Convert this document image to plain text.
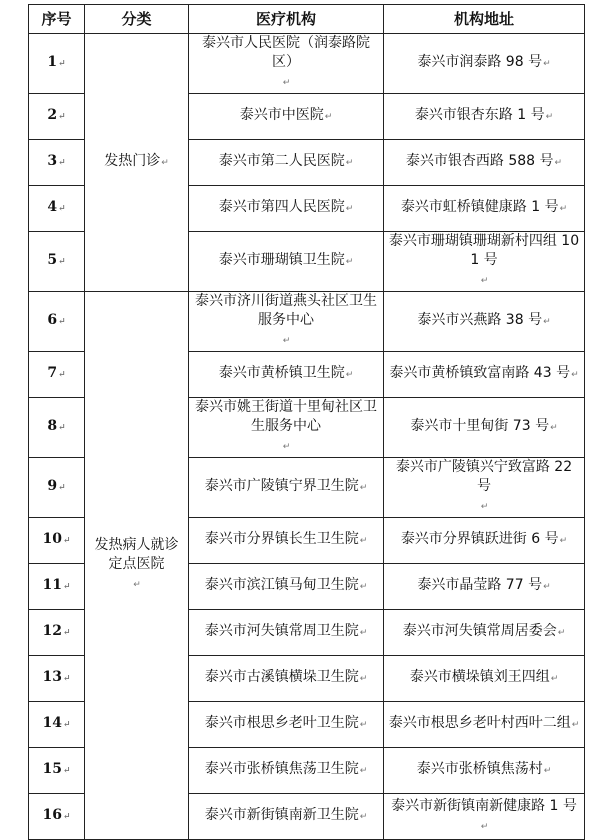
序号	分类	医疗机构	机构地址
1↵	发热门诊↵	泰兴市人民医院（润泰路院区）↵	泰兴市润泰路 98 号↵
2↵		泰兴市中医院↵	泰兴市银杏东路 1 号↵
3↵		泰兴市第二人民医院↵	泰兴市银杏西路 588 号↵
4↵		泰兴市第四人民医院↵	泰兴市虹桥镇健康路 1 号↵
5↵		泰兴市珊瑚镇卫生院↵	泰兴市珊瑚镇珊瑚新村四组 101 号↵
6↵	发热病人就诊定点医院↵	泰兴市济川街道燕头社区卫生服务中心↵	泰兴市兴燕路 38 号↵
7↵		泰兴市黄桥镇卫生院↵	泰兴市黄桥镇致富南路 43 号↵
8↵		泰兴市姚王街道十里甸社区卫生服务中心↵	泰兴市十里甸街 73 号↵
9↵		泰兴市广陵镇宁界卫生院↵	泰兴市广陵镇兴宁致富路 22 号↵
10↵		泰兴市分界镇长生卫生院↵	泰兴市分界镇跃进街 6 号↵
11↵		泰兴市滨江镇马甸卫生院↵	泰兴市晶莹路 77 号↵
12↵		泰兴市河失镇常周卫生院↵	泰兴市河失镇常周居委会↵
13↵		泰兴市古溪镇横垛卫生院↵	泰兴市横垛镇刘王四组↵
14↵		泰兴市根思乡老叶卫生院↵	泰兴市根思乡老叶村西叶二组↵
15↵		泰兴市张桥镇焦荡卫生院↵	泰兴市张桥镇焦荡村↵
16↵		泰兴市新街镇南新卫生院↵	泰兴市新街镇南新健康路 1 号↵
